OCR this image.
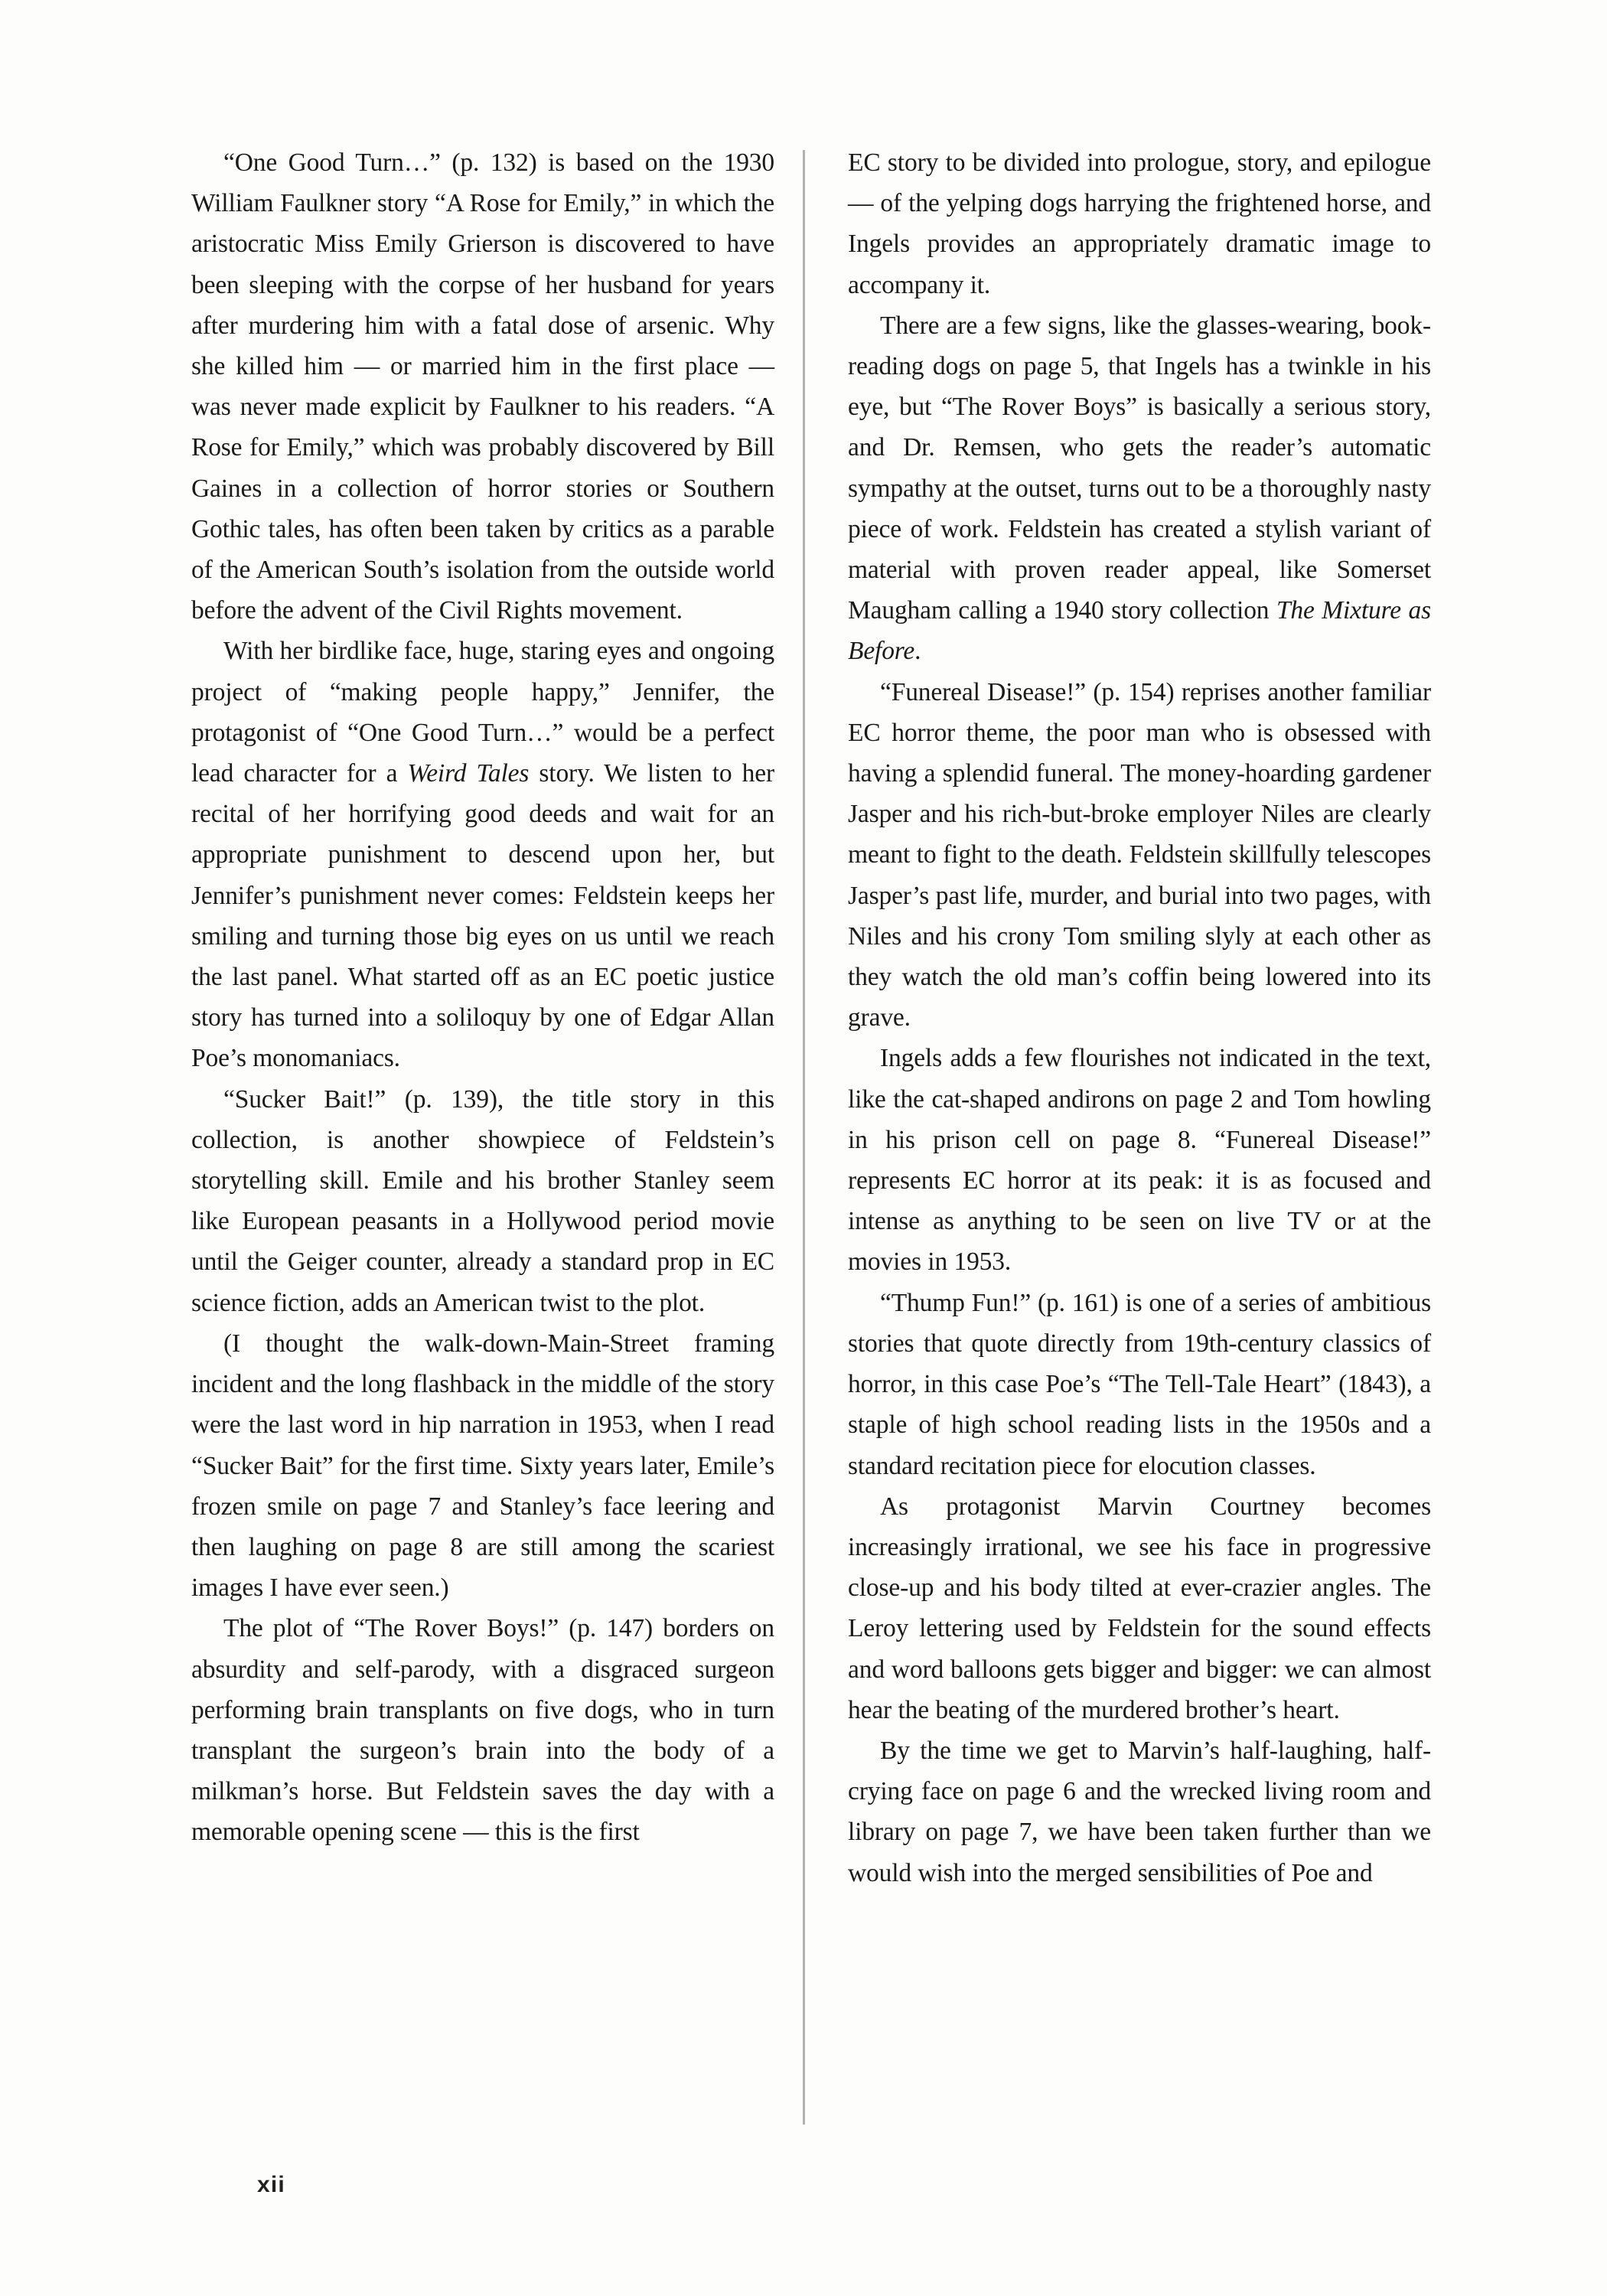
“One Good Turn…” (p. 132) is based on the 1930 William Faulkner story “A Rose for Emily,” in which the aristocratic Miss Emily Grierson is discovered to have been sleeping with the corpse of her husband for years after murdering him with a fatal dose of arsenic. Why she killed him — or married him in the first place — was never made explicit by Faulkner to his readers. “A Rose for Emily,” which was probably discovered by Bill Gaines in a collection of horror stories or Southern Gothic tales, has often been taken by critics as a parable of the American South’s isolation from the outside world before the advent of the Civil Rights movement.

With her birdlike face, huge, staring eyes and ongoing project of “making people happy,” Jennifer, the protagonist of “One Good Turn…” would be a perfect lead character for a Weird Tales story. We listen to her recital of her horrifying good deeds and wait for an appropriate punishment to descend upon her, but Jennifer’s punishment never comes: Feldstein keeps her smiling and turning those big eyes on us until we reach the last panel. What started off as an EC poetic justice story has turned into a soliloquy by one of Edgar Allan Poe’s monomaniacs.

“Sucker Bait!” (p. 139), the title story in this collection, is another showpiece of Feldstein’s storytelling skill. Emile and his brother Stanley seem like European peasants in a Hollywood period movie until the Geiger counter, already a standard prop in EC science fiction, adds an American twist to the plot.

(I thought the walk-down-Main-Street framing incident and the long flashback in the middle of the story were the last word in hip narration in 1953, when I read “Sucker Bait” for the first time. Sixty years later, Emile’s frozen smile on page 7 and Stanley’s face leering and then laughing on page 8 are still among the scariest images I have ever seen.)

The plot of “The Rover Boys!” (p. 147) borders on absurdity and self-parody, with a disgraced surgeon performing brain transplants on five dogs, who in turn transplant the surgeon’s brain into the body of a milkman’s horse. But Feldstein saves the day with a memorable opening scene — this is the first

EC story to be divided into prologue, story, and epilogue — of the yelping dogs harrying the frightened horse, and Ingels provides an appropriately dramatic image to accompany it.

There are a few signs, like the glasses-wearing, book-reading dogs on page 5, that Ingels has a twinkle in his eye, but “The Rover Boys” is basically a serious story, and Dr. Remsen, who gets the reader’s automatic sympathy at the outset, turns out to be a thoroughly nasty piece of work. Feldstein has created a stylish variant of material with proven reader appeal, like Somerset Maugham calling a 1940 story collection The Mixture as Before.

“Funereal Disease!” (p. 154) reprises another familiar EC horror theme, the poor man who is obsessed with having a splendid funeral. The money-hoarding gardener Jasper and his rich-but-broke employer Niles are clearly meant to fight to the death. Feldstein skillfully telescopes Jasper’s past life, murder, and burial into two pages, with Niles and his crony Tom smiling slyly at each other as they watch the old man’s coffin being lowered into its grave.

Ingels adds a few flourishes not indicated in the text, like the cat-shaped andirons on page 2 and Tom howling in his prison cell on page 8. “Funereal Disease!” represents EC horror at its peak: it is as focused and intense as anything to be seen on live TV or at the movies in 1953.

“Thump Fun!” (p. 161) is one of a series of ambitious stories that quote directly from 19th-century classics of horror, in this case Poe’s “The Tell-Tale Heart” (1843), a staple of high school reading lists in the 1950s and a standard recitation piece for elocution classes.

As protagonist Marvin Courtney becomes increasingly irrational, we see his face in progressive close-up and his body tilted at ever-crazier angles. The Leroy lettering used by Feldstein for the sound effects and word balloons gets bigger and bigger: we can almost hear the beating of the murdered brother’s heart.

By the time we get to Marvin’s half-laughing, half-crying face on page 6 and the wrecked living room and library on page 7, we have been taken further than we would wish into the merged sensibilities of Poe and

xii
